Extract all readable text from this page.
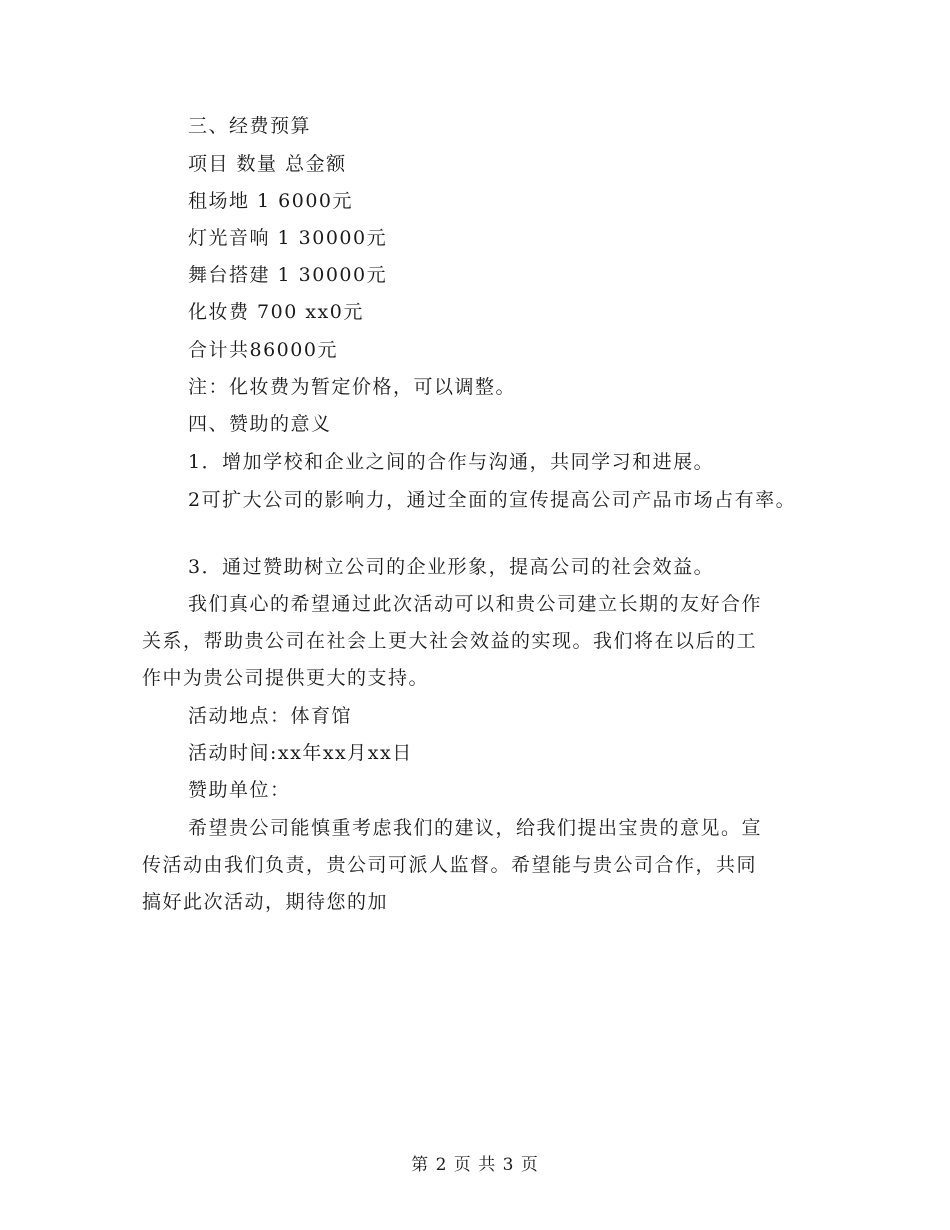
三、经费预算
项目 数量 总金额
租场地 1 6000元
灯光音响 1 30000元
舞台搭建 1 30000元
化妆费 700 xx0元
合计共86000元
注：化妆费为暂定价格，可以调整。
四、赞助的意义
1．增加学校和企业之间的合作与沟通，共同学习和进展。
2可扩大公司的影响力，通过全面的宣传提高公司产品市场占有率。
3．通过赞助树立公司的企业形象，提高公司的社会效益。
我们真心的希望通过此次活动可以和贵公司建立长期的友好合作
关系，帮助贵公司在社会上更大社会效益的实现。我们将在以后的工
作中为贵公司提供更大的支持。
活动地点：体育馆
活动时间:xx年xx月xx日
赞助单位：
希望贵公司能慎重考虑我们的建议，给我们提出宝贵的意见。宣
传活动由我们负责，贵公司可派人监督。希望能与贵公司合作，共同
搞好此次活动，期待您的加
第 2 页 共 3 页
